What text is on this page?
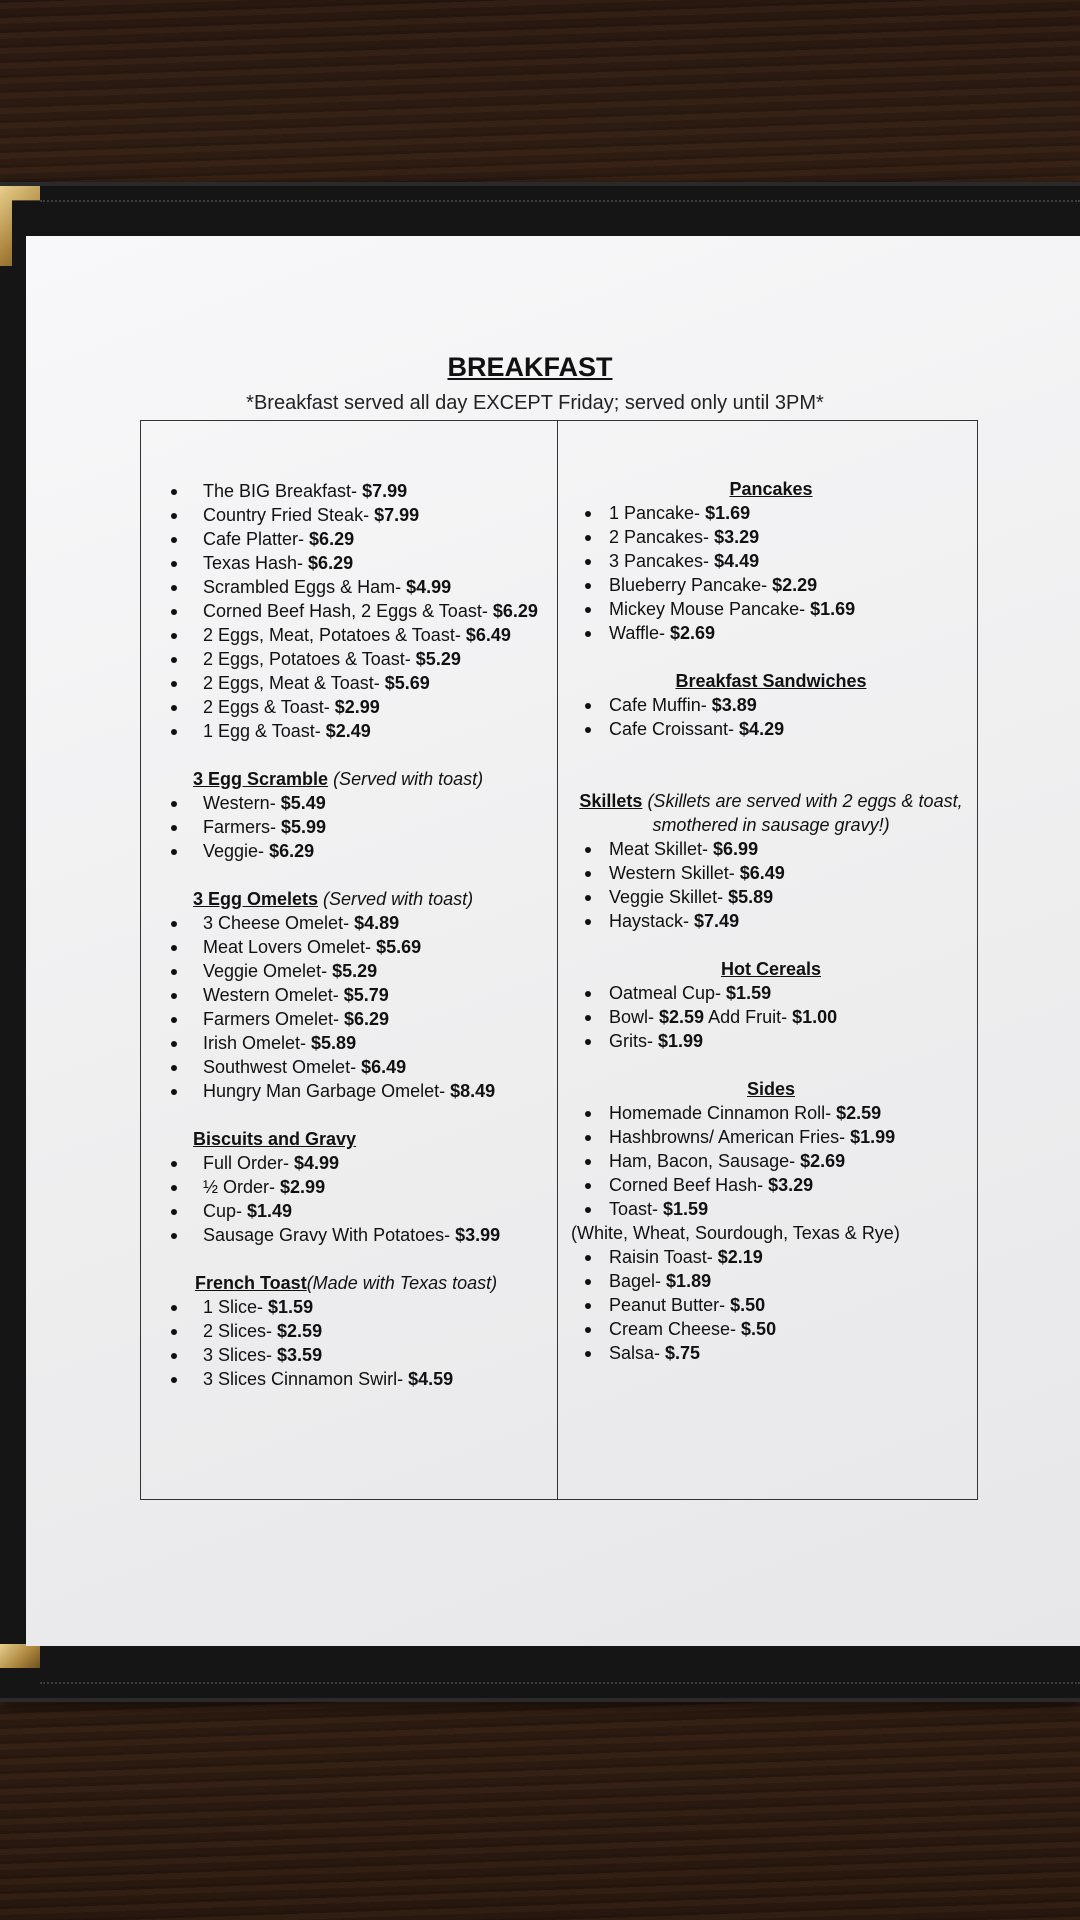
BREAKFAST

*Breakfast served all day EXCEPT Friday; served only until 3PM*

The BIG Breakfast- $7.99
Country Fried Steak- $7.99
Cafe Platter- $6.29
Texas Hash- $6.29
Scrambled Eggs & Ham- $4.99
Corned Beef Hash, 2 Eggs & Toast- $6.29
2 Eggs, Meat, Potatoes & Toast- $6.49
2 Eggs, Potatoes & Toast- $5.29
2 Eggs, Meat & Toast- $5.69
2 Eggs & Toast- $2.99
1 Egg & Toast- $2.49
3 Egg Scramble (Served with toast)
Western- $5.49
Farmers- $5.99
Veggie- $6.29
3 Egg Omelets (Served with toast)
3 Cheese Omelet- $4.89
Meat Lovers Omelet- $5.69
Veggie Omelet- $5.29
Western Omelet- $5.79
Farmers Omelet- $6.29
Irish Omelet- $5.89
Southwest Omelet- $6.49
Hungry Man Garbage Omelet- $8.49
Biscuits and Gravy
Full Order- $4.99
½ Order- $2.99
Cup- $1.49
Sausage Gravy With Potatoes- $3.99
French Toast(Made with Texas toast)
1 Slice- $1.59
2 Slices- $2.59
3 Slices- $3.59
3 Slices Cinnamon Swirl- $4.59
Pancakes
1 Pancake- $1.69
2 Pancakes- $3.29
3 Pancakes- $4.49
Blueberry Pancake- $2.29
Mickey Mouse Pancake- $1.69
Waffle- $2.69
Breakfast Sandwiches
Cafe Muffin- $3.89
Cafe Croissant- $4.29
Skillets (Skillets are served with 2 eggs & toast, smothered in sausage gravy!)
Meat Skillet- $6.99
Western Skillet- $6.49
Veggie Skillet- $5.89
Haystack- $7.49
Hot Cereals
Oatmeal Cup- $1.59
Bowl- $2.59 Add Fruit- $1.00
Grits- $1.99
Sides
Homemade Cinnamon Roll- $2.59
Hashbrowns/ American Fries- $1.99
Ham, Bacon, Sausage- $2.69
Corned Beef Hash- $3.29
Toast- $1.59
(White, Wheat, Sourdough, Texas & Rye)
Raisin Toast- $2.19
Bagel- $1.89
Peanut Butter- $.50
Cream Cheese- $.50
Salsa- $.75
